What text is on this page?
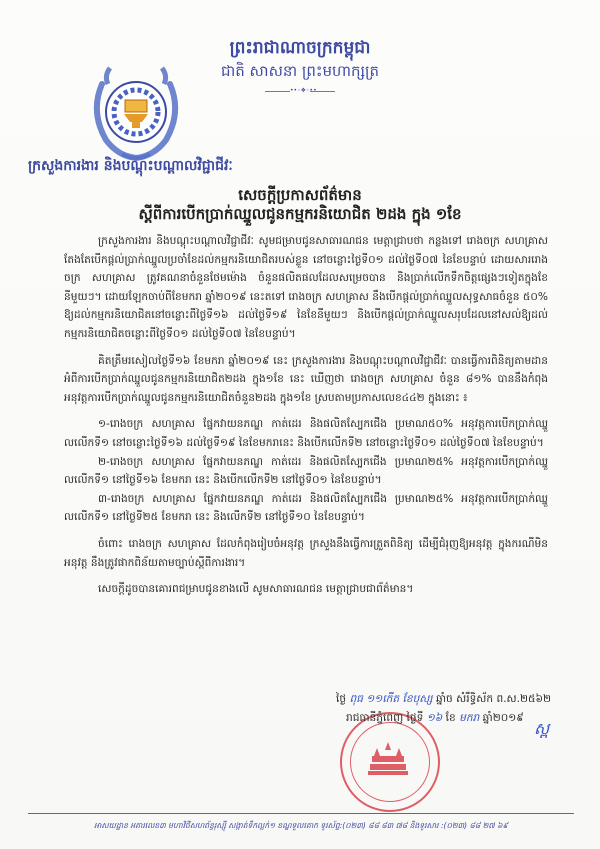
ព្រះរាជាណាចក្រកម្ពុជា
ជាតិ សាសនា ព្រះមហាក្សត្រ
••◦❖◦••
ក្រសួងការងារ និងបណ្តុះបណ្តាលវិជ្ជាជីវៈ
សេចក្តីប្រកាសព័ត៌មាន
ស្តីពីការបើកប្រាក់ឈ្នួលជូនកម្មករនិយោជិត ២ដង ក្នុង ១ខែ

ក្រសួងការងារ និងបណ្តុះបណ្តាលវិជ្ជាជីវៈ សូមជម្រាបជូនសាធារណជន មេត្តាជ្រាបថា កន្លងទៅ រោងចក្រ សហគ្រាស តែងតែបើកផ្តល់ប្រាក់ឈ្នួលប្រចាំខែដល់កម្មករនិយោជិតរបស់ខ្លួន នៅចន្លោះថ្ងៃទី០១ ដល់ថ្ងៃទី០៧ នៃខែបន្ទាប់ ដោយសាររោងចក្រ សហគ្រាស ត្រូវគណនាចំនួនថែមម៉ោង ចំនួនផលិតផលដែលសម្រេចបាន និងប្រាក់លើកទឹកចិត្តផ្សេងៗទៀតក្នុងខែនីមួយៗ។ ដោយឡែកចាប់ពីខែមករា ឆ្នាំ២០១៩ នេះតទៅ រោងចក្រ សហគ្រាស នឹងបើកផ្តល់ប្រាក់ឈ្នួលសុទ្ធសាធចំនួន ៥០% ឱ្យដល់កម្មករនិយោជិតនៅចន្លោះពីថ្ងៃទី១៦ ដល់ថ្ងៃទី១៩ នៃខែនីមួយៗ និងបើកផ្តល់ប្រាក់ឈ្នួលសរុបដែលនៅសល់ឱ្យដល់កម្មករនិយោជិតចន្លោះពីថ្ងៃទី០១ ដល់ថ្ងៃទី០៧ នៃខែបន្ទាប់។

គិតត្រឹមរសៀលថ្ងៃទី១៦ ខែមករា ឆ្នាំ២០១៩ នេះ ក្រសួងការងារ និងបណ្តុះបណ្តាលវិជ្ជាជីវៈ បានធ្វើការពិនិត្យតាមដានអំពីការបើកប្រាក់ឈ្នួលជូនកម្មករនិយោជិត២ដង ក្នុង១ខែ នេះ ឃើញថា រោងចក្រ សហគ្រាស ចំនួន ៨១% បាននឹងកំពុងអនុវត្តការបើកប្រាក់ឈ្នួលជូនកម្មករនិយោជិតចំនួន២ដង ក្នុង១ខែ ស្របតាមប្រកាសលេខ៤៤២ ក្នុងនោះ ៖

១-រោងចក្រ សហគ្រាស ផ្នែកវាយនភណ្ឌ កាត់ដេរ និងផលិតស្បែកជើង ប្រមាណ៥០% អនុវត្តការបើកប្រាក់ឈ្នួលលើកទី១ នៅចន្លោះថ្ងៃទី១៦ ដល់ថ្ងៃទី១៩ នៃខែមករានេះ និងបើកលើកទី២ នៅចន្លោះថ្ងៃទី០១ ដល់ថ្ងៃទី០៧ នៃខែបន្ទាប់។

២-រោងចក្រ សហគ្រាស ផ្នែកវាយនភណ្ឌ កាត់ដេរ និងផលិតស្បែកជើង ប្រមាណ២៥% អនុវត្តការបើកប្រាក់ឈ្នួលលើកទី១ នៅថ្ងៃទី១៦ ខែមករា នេះ និងបើកលើកទី២ នៅថ្ងៃទី០១ នៃខែបន្ទាប់។

៣-រោងចក្រ សហគ្រាស ផ្នែកវាយនភណ្ឌ កាត់ដេរ និងផលិតស្បែកជើង ប្រមាណ២៥% អនុវត្តការបើកប្រាក់ឈ្នួលលើកទី១ នៅថ្ងៃទី២៥ ខែមករា នេះ និងលើកទី២ នៅថ្ងៃទី១០ នៃខែបន្ទាប់។

ចំពោះ រោងចក្រ សហគ្រាស ដែលកំពុងរៀបចំអនុវត្ត ក្រសួងនឹងធ្វើការត្រួតពិនិត្យ ដើម្បីជំរុញឱ្យអនុវត្ត ក្នុងករណីមិនអនុវត្ត នឹងត្រូវផាកពិន័យតាមច្បាប់ស្តីពីការងារ។

សេចក្តីដូចបានគោរពជម្រាបជូនខាងលើ សូមសាធារណជន មេត្តាជ្រាបជាព័ត៌មាន។

ថ្ងៃ ពុធ ១១កើត ខែបុស្ស ឆ្នាំច សំរឹទ្ធិស័ក ព.ស.២៥៦២
រាជធានីភ្នំពេញ ថ្ងៃទី ១៦ ខែ មករា ឆ្នាំ២០១៩
ស្ព
អាសយដ្ឋាន អគារលេខ៣ មហាវិថីសហព័ន្ធរុស្ស៊ី សង្កាត់ទឹកល្អក់១ ខណ្ឌទួលគោក ទូរស័ព្ទ:(០២៣) ៨៨ ៨៣ ៧៨ និងទូរសារ :(០២៣) ៨៨ ២៧ ៦៩
